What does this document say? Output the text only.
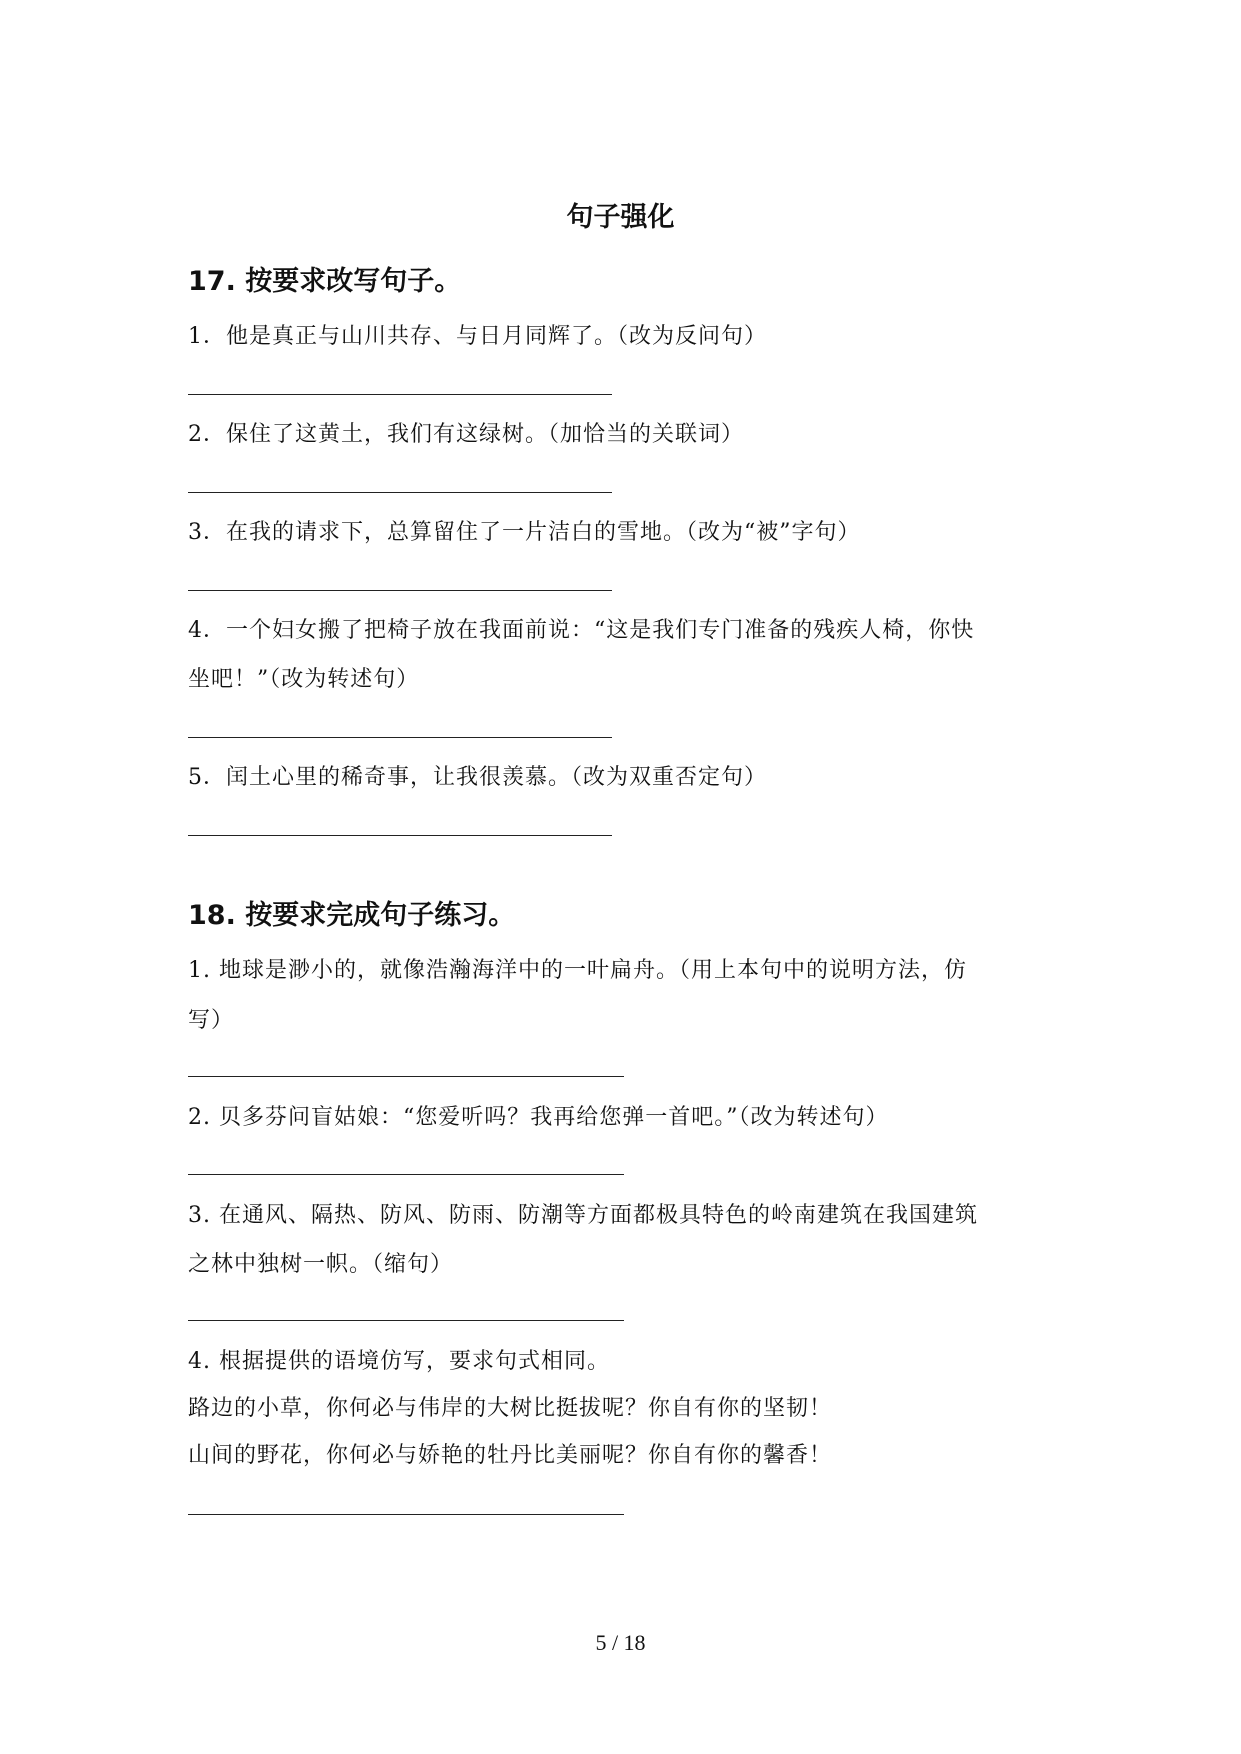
句子强化
17. 按要求改写句子。
1．他是真正与山川共存、与日月同辉了。（改为反问句）
2．保住了这黄土，我们有这绿树。（加恰当的关联词）
3．在我的请求下，总算留住了一片洁白的雪地。（改为“被”字句）
4．一个妇女搬了把椅子放在我面前说：“这是我们专门准备的残疾人椅，你快
坐吧！”（改为转述句）
5．闰土心里的稀奇事，让我很羡慕。（改为双重否定句）
18. 按要求完成句子练习。
1. 地球是渺小的，就像浩瀚海洋中的一叶扁舟。（用上本句中的说明方法，仿
写）
2. 贝多芬问盲姑娘：“您爱听吗？我再给您弹一首吧。”（改为转述句）
3. 在通风、隔热、防风、防雨、防潮等方面都极具特色的岭南建筑在我国建筑
之林中独树一帜。（缩句）
4. 根据提供的语境仿写，要求句式相同。
路边的小草，你何必与伟岸的大树比挺拔呢？你自有你的坚韧！
山间的野花，你何必与娇艳的牡丹比美丽呢？你自有你的馨香！
5 / 18
